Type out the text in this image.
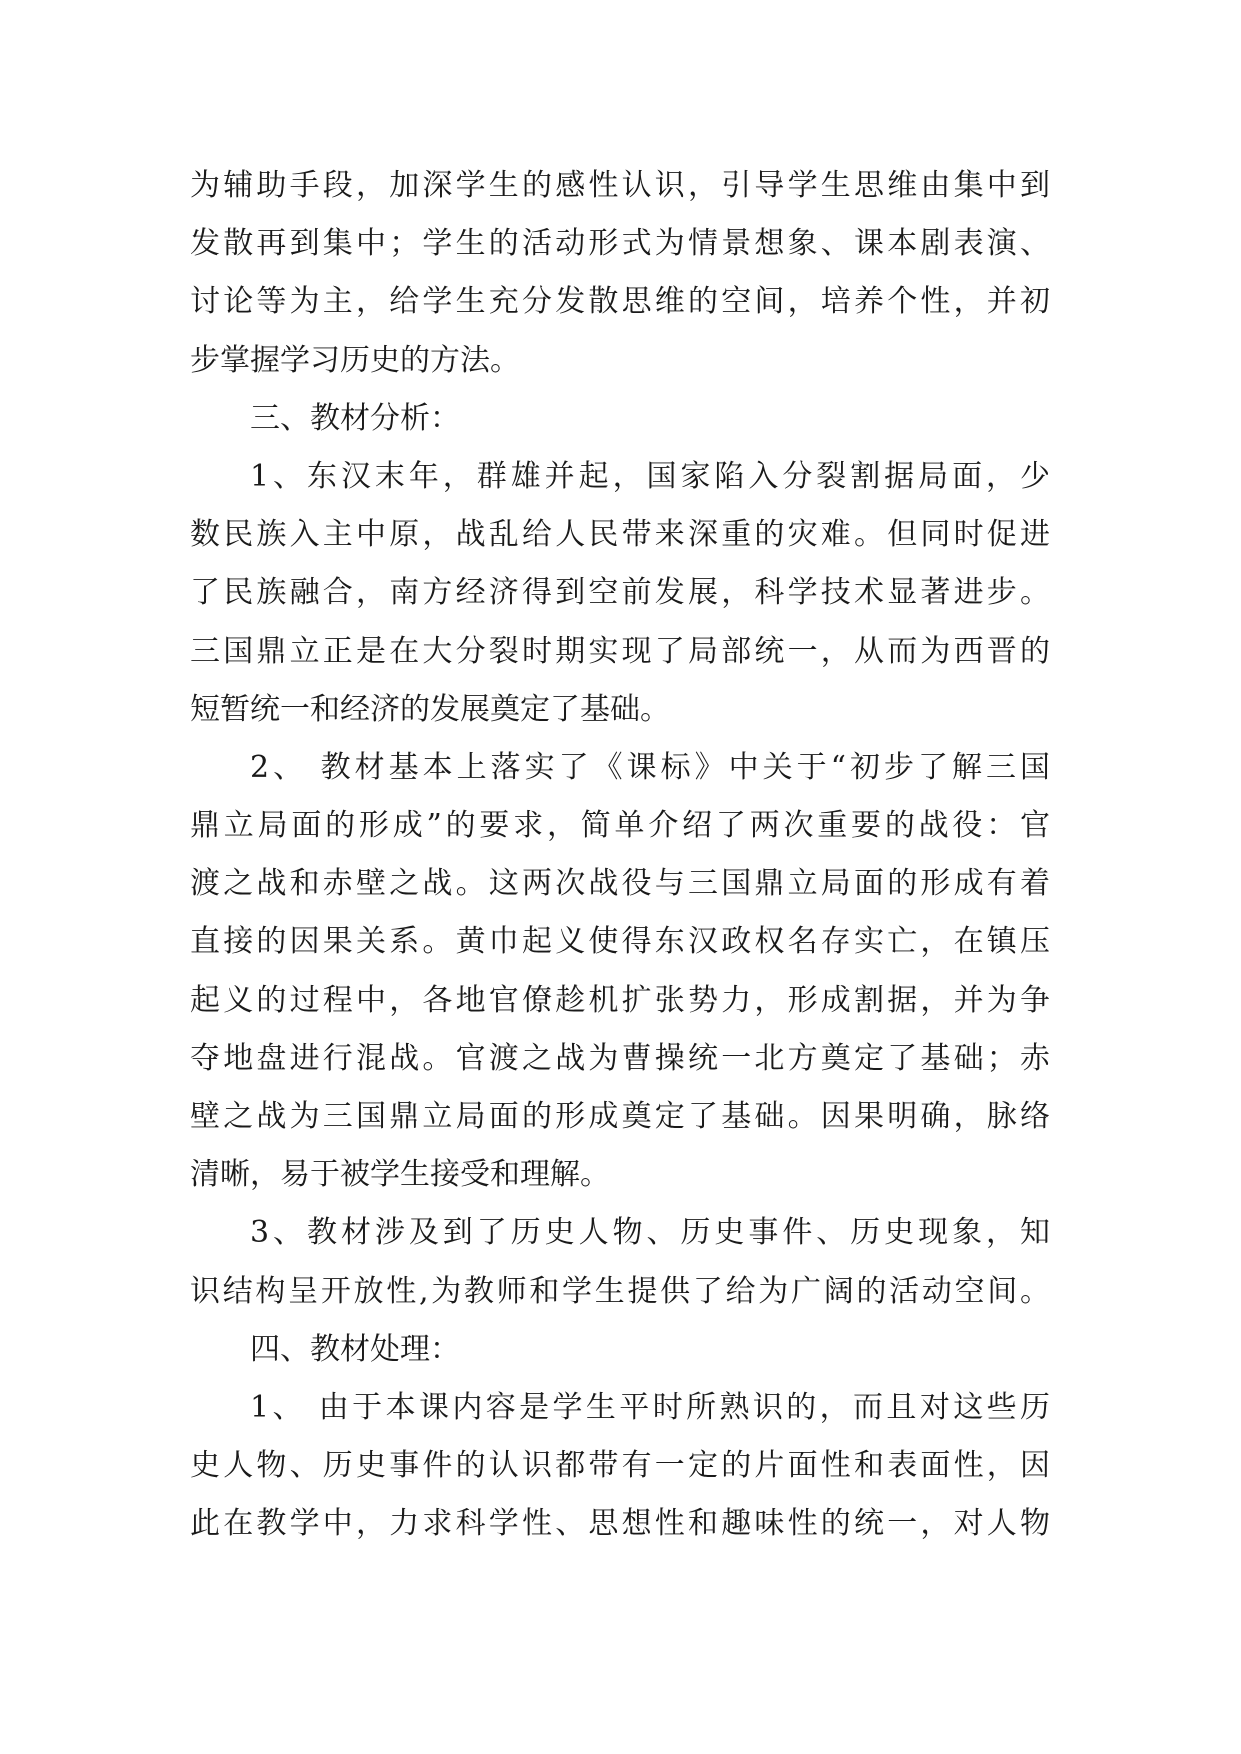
为辅助手段，加深学生的感性认识，引导学生思维由集中到
发散再到集中；学生的活动形式为情景想象、课本剧表演、
讨论等为主，给学生充分发散思维的空间，培养个性，并初
步掌握学习历史的方法。
三、教材分析：
1、东汉末年，群雄并起，国家陷入分裂割据局面，少
数民族入主中原，战乱给人民带来深重的灾难。但同时促进
了民族融合，南方经济得到空前发展，科学技术显著进步。
三国鼎立正是在大分裂时期实现了局部统一，从而为西晋的
短暂统一和经济的发展奠定了基础。
2、 教材基本上落实了《课标》中关于“初步了解三国
鼎立局面的形成”的要求，简单介绍了两次重要的战役：官
渡之战和赤壁之战。这两次战役与三国鼎立局面的形成有着
直接的因果关系。黄巾起义使得东汉政权名存实亡，在镇压
起义的过程中，各地官僚趁机扩张势力，形成割据，并为争
夺地盘进行混战。官渡之战为曹操统一北方奠定了基础；赤
壁之战为三国鼎立局面的形成奠定了基础。因果明确，脉络
清晰，易于被学生接受和理解。
3、教材涉及到了历史人物、历史事件、历史现象，知
识结构呈开放性,为教师和学生提供了给为广阔的活动空间。
四、教材处理：
1、 由于本课内容是学生平时所熟识的，而且对这些历
史人物、历史事件的认识都带有一定的片面性和表面性，因
此在教学中，力求科学性、思想性和趣味性的统一，对人物
